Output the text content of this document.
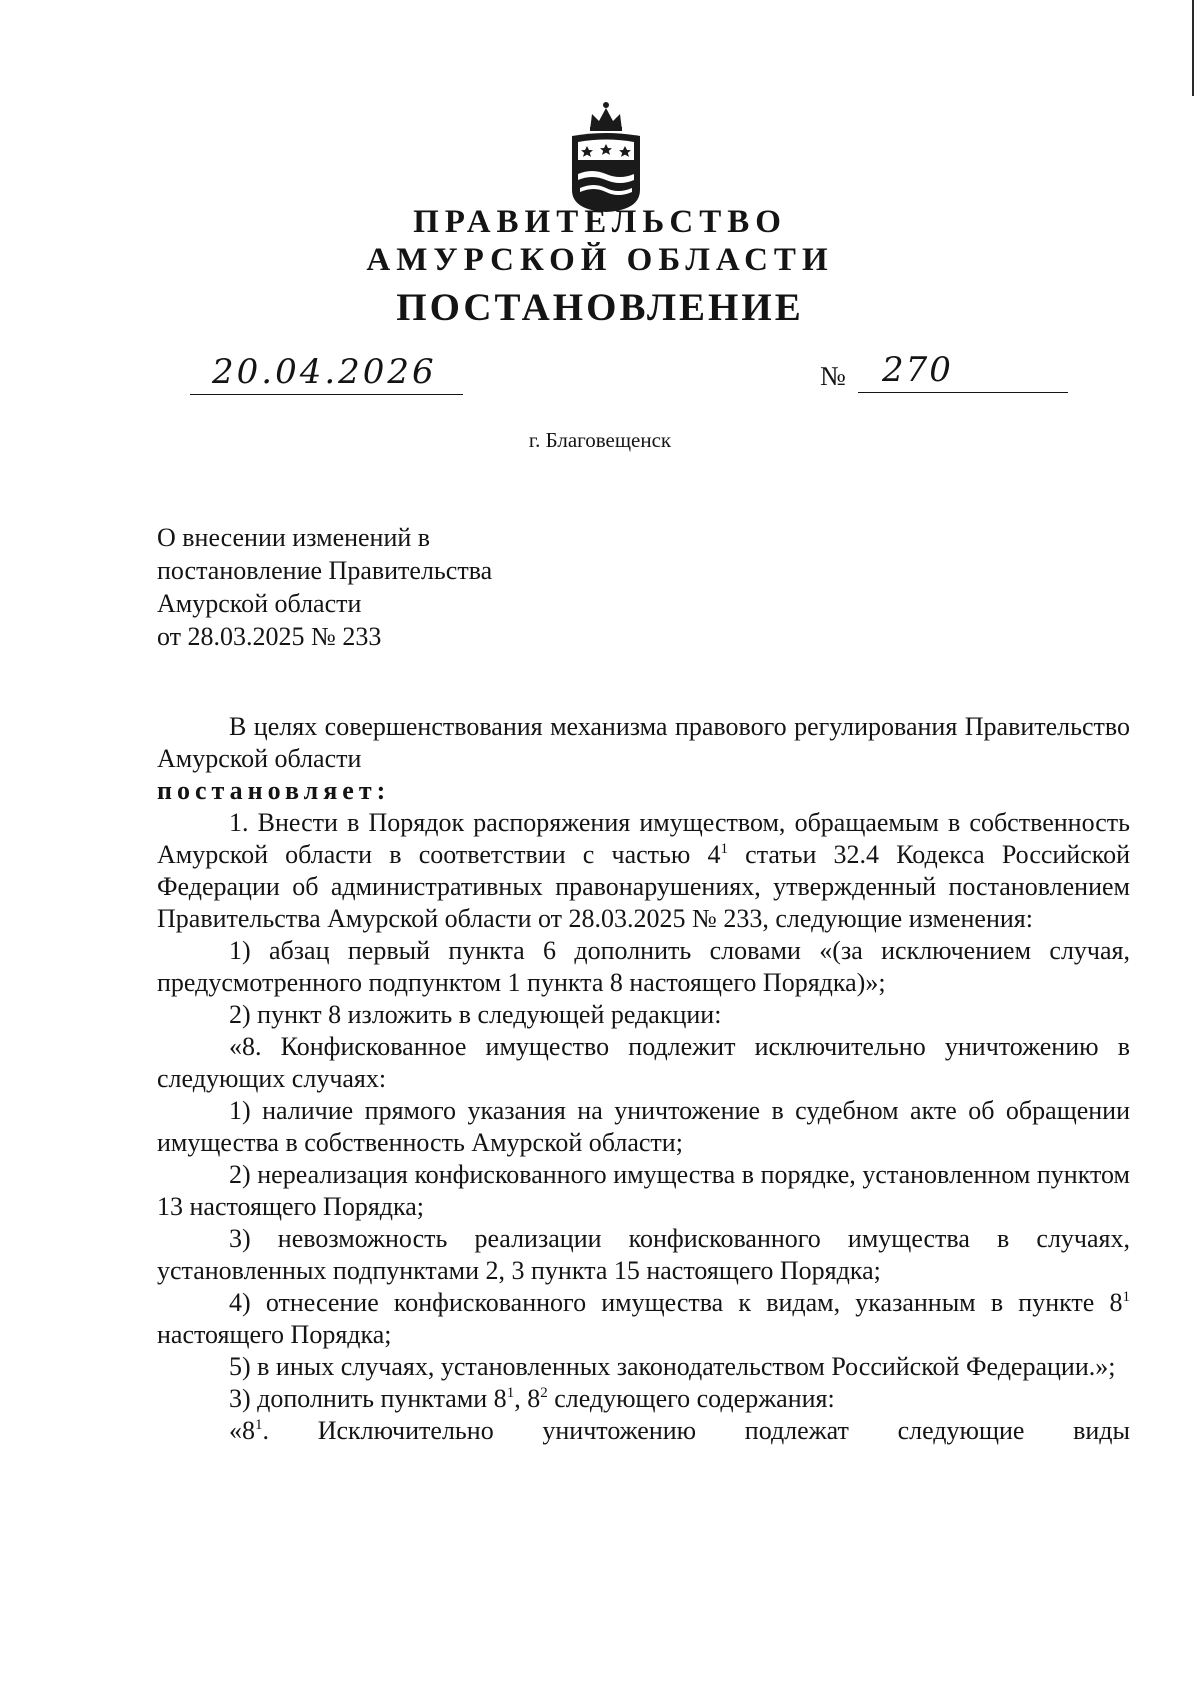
ПРАВИТЕЛЬСТВО
АМУРСКОЙ ОБЛАСТИ
ПОСТАНОВЛЕНИЕ
20.04.2026	№ 270
г. Благовещенск
О внесении изменений в
постановление Правительства
Амурской области
от 28.03.2025 № 233
В целях совершенствования механизма правового регулирования Правительство Амурской области
постановляет:
1. Внести в Порядок распоряжения имуществом, обращаемым в собственность Амурской области в соответствии с частью $4^1$ статьи 32.4 Кодекса Российской Федерации об административных правонарушениях, утвержденный постановлением Правительства Амурской области от 28.03.2025 № 233, следующие изменения:
1) абзац первый пункта 6 дополнить словами «(за исключением случая, предусмотренного подпунктом 1 пункта 8 настоящего Порядка)»;
2) пункт 8 изложить в следующей редакции:
«8. Конфискованное имущество подлежит исключительно уничтожению в следующих случаях:
1) наличие прямого указания на уничтожение в судебном акте об обращении имущества в собственность Амурской области;
2) нереализация конфискованного имущества в порядке, установленном пунктом 13 настоящего Порядка;
3) невозможность реализации конфискованного имущества в случаях, установленных подпунктами 2, 3 пункта 15 настоящего Порядка;
4) отнесение конфискованного имущества к видам, указанным в пункте $8^1$ настоящего Порядка;
5) в иных случаях, установленных законодательством Российской Федерации.»;
3) дополнить пунктами $8^1$, $8^2$ следующего содержания:
«$8^1$. Исключительно уничтожению подлежат следующие виды
